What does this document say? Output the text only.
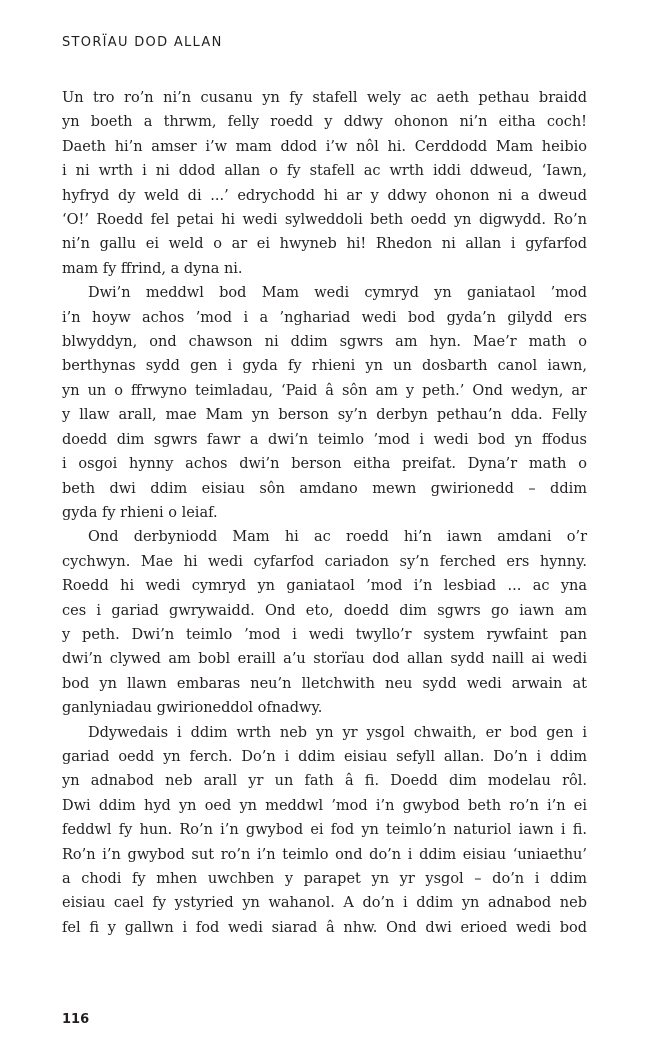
STORÏAU DOD ALLAN

Un tro ro’n ni’n cusanu yn fy stafell wely ac aeth pethau braidd
yn boeth a thrwm, felly roedd y ddwy ohonon ni’n eitha coch!
Daeth hi’n amser i’w mam ddod i’w nôl hi. Cerddodd Mam heibio
i ni wrth i ni ddod allan o fy stafell ac wrth iddi ddweud, ‘Iawn,
hyfryd dy weld di ...’ edrychodd hi ar y ddwy ohonon ni a dweud
‘O!’ Roedd fel petai hi wedi sylweddoli beth oedd yn digwydd. Ro’n
ni’n gallu ei weld o ar ei hwyneb hi! Rhedon ni allan i gyfarfod
mam fy ffrind, a dyna ni.

Dwi’n meddwl bod Mam wedi cymryd yn ganiataol ’mod
i’n hoyw achos ’mod i a ’nghariad wedi bod gyda’n gilydd ers
blwyddyn, ond chawson ni ddim sgwrs am hyn. Mae’r math o
berthynas sydd gen i gyda fy rhieni yn un dosbarth canol iawn,
yn un o ffrwyno teimladau, ‘Paid â sôn am y peth.’ Ond wedyn, ar
y llaw arall, mae Mam yn berson sy’n derbyn pethau’n dda. Felly
doedd dim sgwrs fawr a dwi’n teimlo ’mod i wedi bod yn ffodus
i osgoi hynny achos dwi’n berson eitha preifat. Dyna’r math o
beth dwi ddim eisiau sôn amdano mewn gwirionedd – ddim
gyda fy rhieni o leiaf.

Ond derbyniodd Mam hi ac roedd hi’n iawn amdani o’r
cychwyn. Mae hi wedi cyfarfod cariadon sy’n ferched ers hynny.
Roedd hi wedi cymryd yn ganiataol ’mod i’n lesbiad ... ac yna
ces i gariad gwrywaidd. Ond eto, doedd dim sgwrs go iawn am
y peth. Dwi’n teimlo ’mod i wedi twyllo’r system rywfaint pan
dwi’n clywed am bobl eraill a’u storïau dod allan sydd naill ai wedi
bod yn llawn embaras neu’n lletchwith neu sydd wedi arwain at
ganlyniadau gwirioneddol ofnadwy.

Ddywedais i ddim wrth neb yn yr ysgol chwaith, er bod gen i
gariad oedd yn ferch. Do’n i ddim eisiau sefyll allan. Do’n i ddim
yn adnabod neb arall yr un fath â fi. Doedd dim modelau rôl.
Dwi ddim hyd yn oed yn meddwl ’mod i’n gwybod beth ro’n i’n ei
feddwl fy hun. Ro’n i’n gwybod ei fod yn teimlo’n naturiol iawn i fi.
Ro’n i’n gwybod sut ro’n i’n teimlo ond do’n i ddim eisiau ‘uniaethu’
a chodi fy mhen uwchben y parapet yn yr ysgol – do’n i ddim
eisiau cael fy ystyried yn wahanol. A do’n i ddim yn adnabod neb
fel fi y gallwn i fod wedi siarad â nhw. Ond dwi erioed wedi bod

116
